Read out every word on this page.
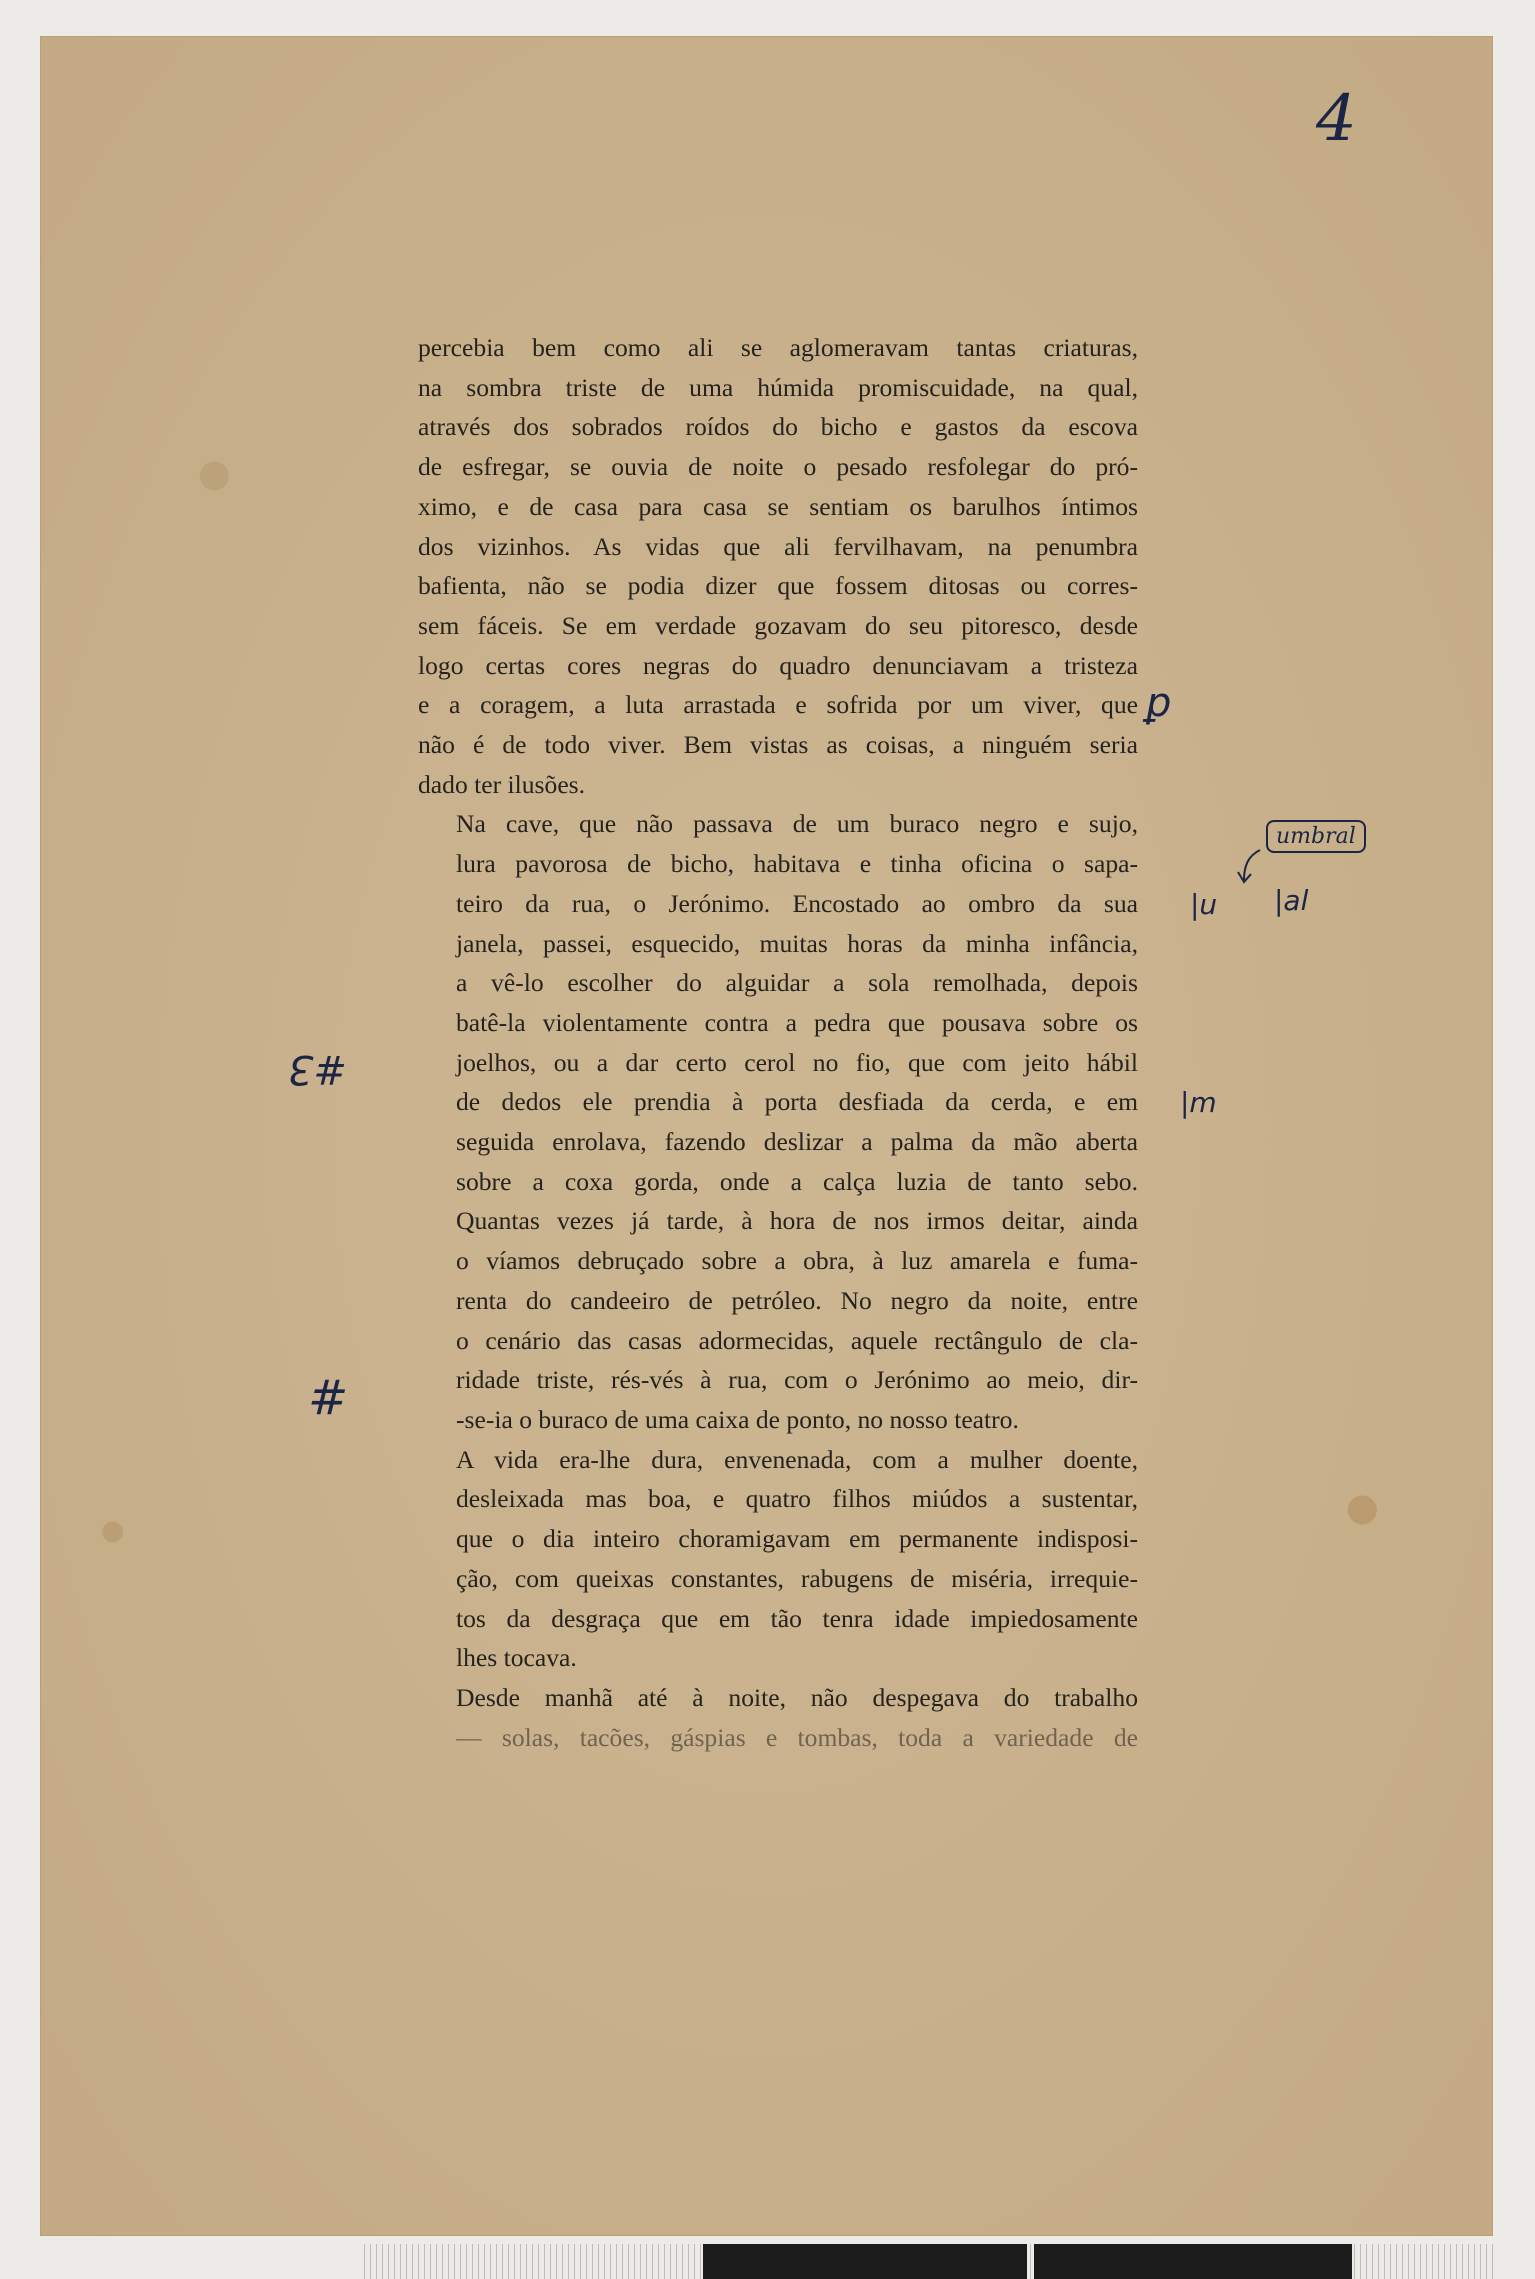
4

percebia bem como ali se aglomeravam tantas criaturas,
na sombra triste de uma húmida promiscuidade, na qual,
através dos sobrados roídos do bicho e gastos da escova
de esfregar, se ouvia de noite o pesado resfolegar do pró-
ximo, e de casa para casa se sentiam os barulhos íntimos
dos vizinhos. As vidas que ali fervilhavam, na penumbra
bafienta, não se podia dizer que fossem ditosas ou corres-
sem fáceis. Se em verdade gozavam do seu pitoresco, desde
logo certas cores negras do quadro denunciavam a tristeza
e a coragem, a luta arrastada e sofrida por um viver, que
não é de todo viver. Bem vistas as coisas, a ninguém seria
dado ter ilusões.

Na cave, que não passava de um buraco negro e sujo,
lura pavorosa de bicho, habitava e tinha oficina o sapa-
teiro da rua, o Jerónimo. Encostado ao ombro da sua
janela, passei, esquecido, muitas horas da minha infância,
a vê-lo escolher do alguidar a sola remolhada, depois
batê-la violentamente contra a pedra que pousava sobre os
joelhos, ou a dar certo cerol no fio, que com jeito hábil
de dedos ele prendia à porta desfiada da cerda, e em
seguida enrolava, fazendo deslizar a palma da mão aberta
sobre a coxa gorda, onde a calça luzia de tanto sebo.
Quantas vezes já tarde, à hora de nos irmos deitar, ainda
o víamos debruçado sobre a obra, à luz amarela e fuma-
renta do candeeiro de petróleo. No negro da noite, entre
o cenário das casas adormecidas, aquele rectângulo de cla-
ridade triste, rés-vés à rua, com o Jerónimo ao meio, dir-
-se-ia o buraco de uma caixa de ponto, no nosso teatro.

A vida era-lhe dura, envenenada, com a mulher doente,
desleixada mas boa, e quatro filhos miúdos a sustentar,
que o dia inteiro choramigavam em permanente indisposi-
ção, com queixas constantes, rabugens de miséria, irrequie-
tos da desgraça que em tão tenra idade impiedosamente
lhes tocava.

Desde manhã até à noite, não despegava do trabalho
— solas, tacões, gáspias e tombas, toda a variedade de

ꝑ
umbral
|u |al
|m
#3
#
